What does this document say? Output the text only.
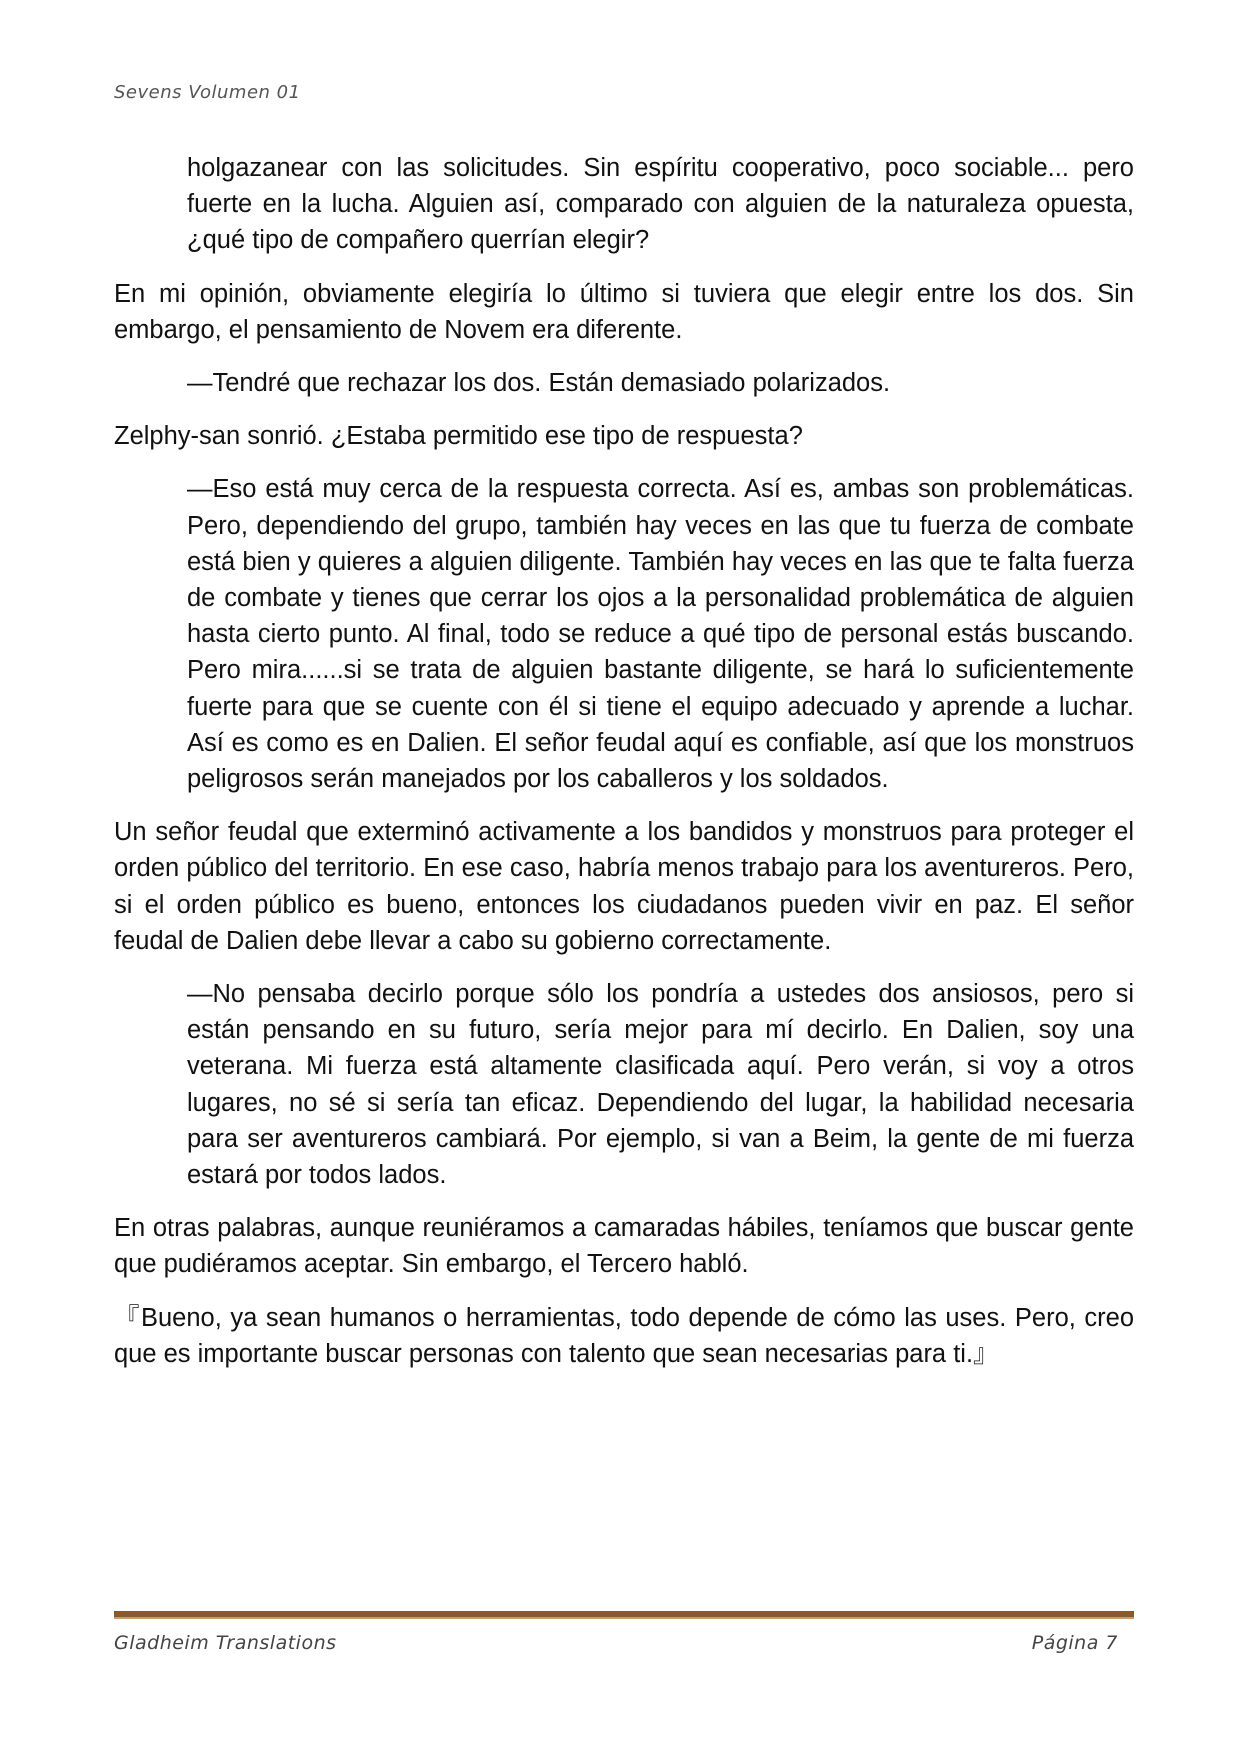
Sevens Volumen 01

holgazanear con las solicitudes. Sin espíritu cooperativo, poco sociable... pero fuerte en la lucha. Alguien así, comparado con alguien de la naturaleza opuesta, ¿qué tipo de compañero querrían elegir?

En mi opinión, obviamente elegiría lo último si tuviera que elegir entre los dos. Sin embargo, el pensamiento de Novem era diferente.

—Tendré que rechazar los dos. Están demasiado polarizados.

Zelphy-san sonrió. ¿Estaba permitido ese tipo de respuesta?

—Eso está muy cerca de la respuesta correcta. Así es, ambas son problemáticas. Pero, dependiendo del grupo, también hay veces en las que tu fuerza de combate está bien y quieres a alguien diligente. También hay veces en las que te falta fuerza de combate y tienes que cerrar los ojos a la personalidad problemática de alguien hasta cierto punto. Al final, todo se reduce a qué tipo de personal estás buscando. Pero mira......si se trata de alguien bastante diligente, se hará lo suficientemente fuerte para que se cuente con él si tiene el equipo adecuado y aprende a luchar. Así es como es en Dalien. El señor feudal aquí es confiable, así que los monstruos peligrosos serán manejados por los caballeros y los soldados.

Un señor feudal que exterminó activamente a los bandidos y monstruos para proteger el orden público del territorio. En ese caso, habría menos trabajo para los aventureros. Pero, si el orden público es bueno, entonces los ciudadanos pueden vivir en paz. El señor feudal de Dalien debe llevar a cabo su gobierno correctamente.

—No pensaba decirlo porque sólo los pondría a ustedes dos ansiosos, pero si están pensando en su futuro, sería mejor para mí decirlo. En Dalien, soy una veterana. Mi fuerza está altamente clasificada aquí. Pero verán, si voy a otros lugares, no sé si sería tan eficaz. Dependiendo del lugar, la habilidad necesaria para ser aventureros cambiará. Por ejemplo, si van a Beim, la gente de mi fuerza estará por todos lados.

En otras palabras, aunque reuniéramos a camaradas hábiles, teníamos que buscar gente que pudiéramos aceptar. Sin embargo, el Tercero habló.

『Bueno, ya sean humanos o herramientas, todo depende de cómo las uses. Pero, creo que es importante buscar personas con talento que sean necesarias para ti.』

Gladheim Translations	Página 7
